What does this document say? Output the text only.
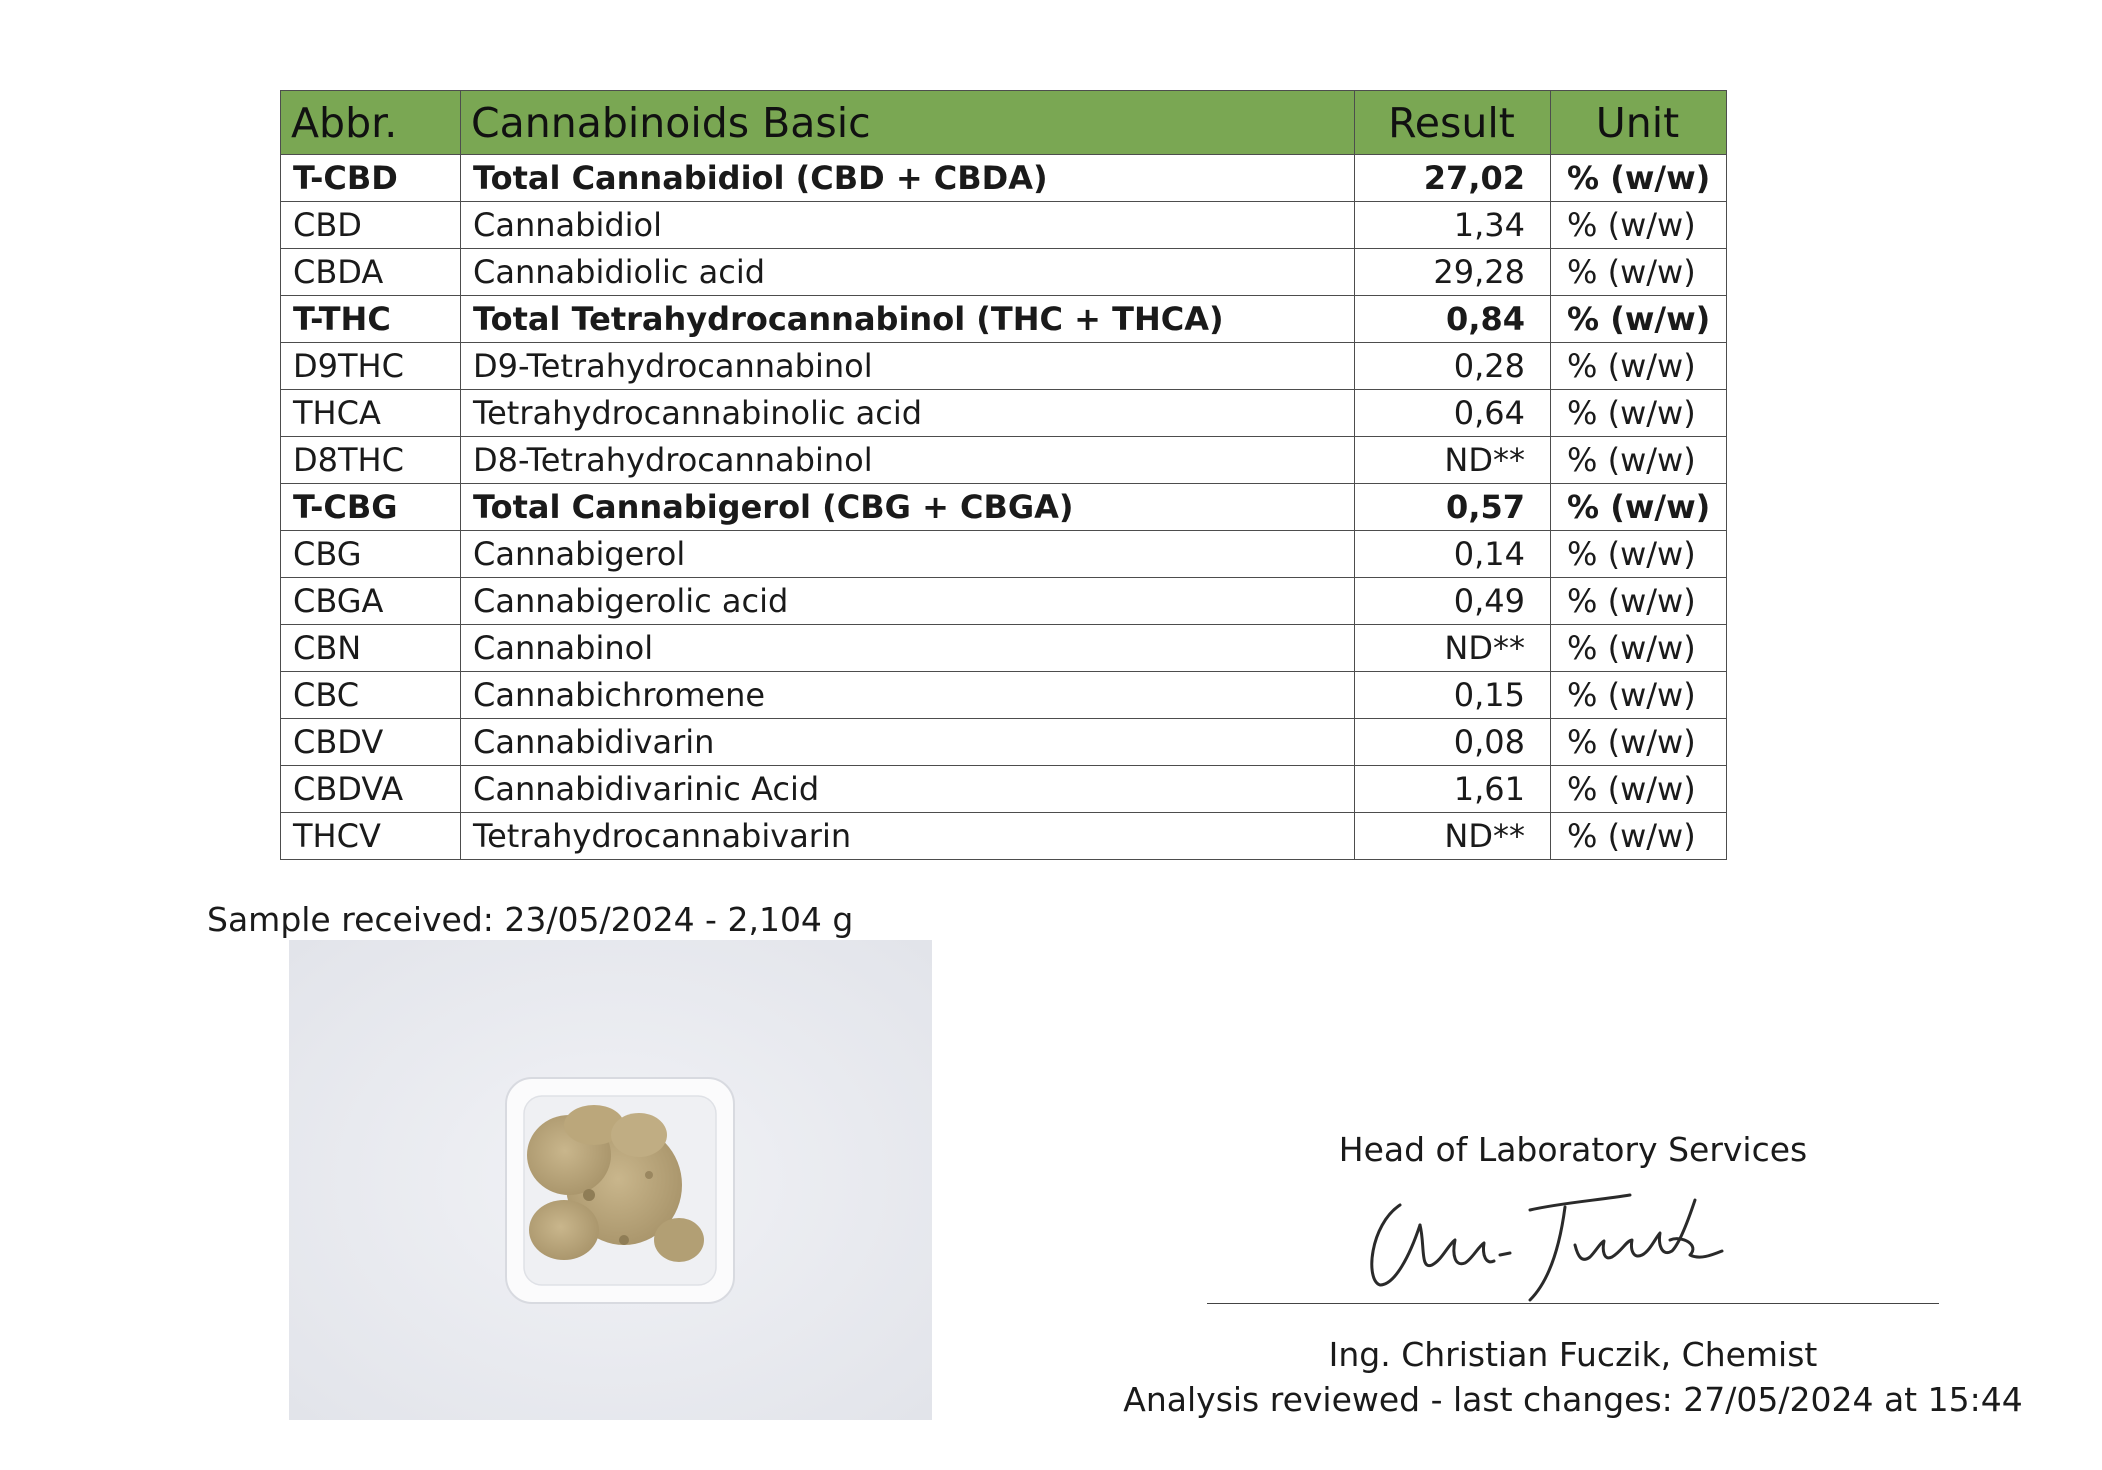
Abbr.	Cannabinoids Basic	Result	Unit
T-CBD	Total Cannabidiol (CBD + CBDA)	27,02	% (w/w)
CBD	Cannabidiol	1,34	% (w/w)
CBDA	Cannabidiolic acid	29,28	% (w/w)
T-THC	Total Tetrahydrocannabinol (THC + THCA)	0,84	% (w/w)
D9THC	D9-Tetrahydrocannabinol	0,28	% (w/w)
THCA	Tetrahydrocannabinolic acid	0,64	% (w/w)
D8THC	D8-Tetrahydrocannabinol	ND**	% (w/w)
T-CBG	Total Cannabigerol (CBG + CBGA)	0,57	% (w/w)
CBG	Cannabigerol	0,14	% (w/w)
CBGA	Cannabigerolic acid	0,49	% (w/w)
CBN	Cannabinol	ND**	% (w/w)
CBC	Cannabichromene	0,15	% (w/w)
CBDV	Cannabidivarin	0,08	% (w/w)
CBDVA	Cannabidivarinic Acid	1,61	% (w/w)
THCV	Tetrahydrocannabivarin	ND**	% (w/w)
Sample received: 23/05/2024 - 2,104 g
Head of Laboratory Services
Ing. Christian Fuczik, Chemist
Analysis reviewed - last changes: 27/05/2024 at 15:44
